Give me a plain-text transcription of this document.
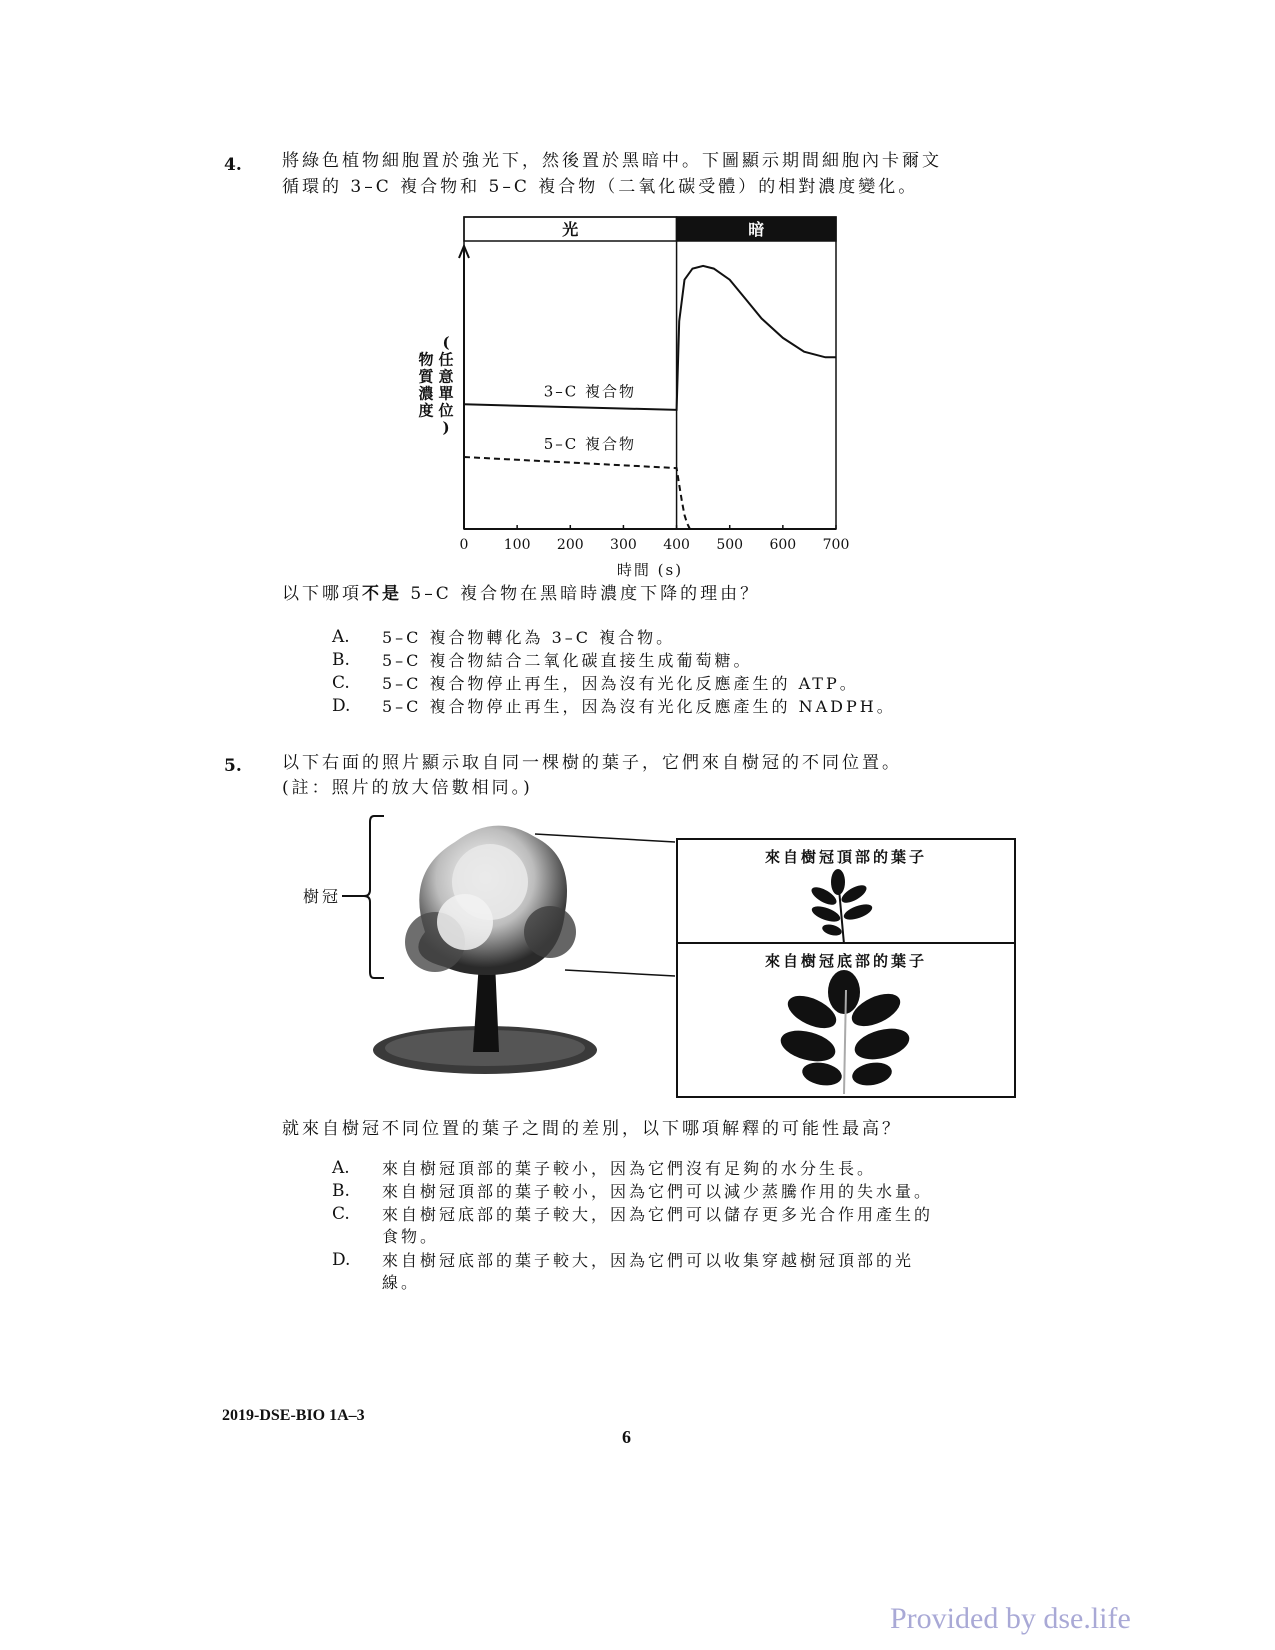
4. 將綠色植物細胞置於強光下，然後置於黑暗中。下圖顯示期間細胞內卡爾文
循環的 3–C 複合物和 5–C 複合物（二氧化碳受體）的相對濃度變化。
光	暗
0	100 200 300 400 500 600 700
時間 (s)
物質濃度
(任意單位)
3–C 複合物
5–C 複合物
以下哪項不是 5–C 複合物在黑暗時濃度下降的理由？
A. 5–C 複合物轉化為 3–C 複合物。
B. 5–C 複合物結合二氧化碳直接生成葡萄糖。
C. 5–C 複合物停止再生，因為沒有光化反應產生的 ATP。
D. 5–C 複合物停止再生，因為沒有光化反應產生的 NADPH。
5. 以下右面的照片顯示取自同一棵樹的葉子，它們來自樹冠的不同位置。
(註：照片的放大倍數相同。)
樹冠
來自樹冠頂部的葉子
來自樹冠底部的葉子
就來自樹冠不同位置的葉子之間的差別，以下哪項解釋的可能性最高？
A. 來自樹冠頂部的葉子較小，因為它們沒有足夠的水分生長。
B. 來自樹冠頂部的葉子較小，因為它們可以減少蒸騰作用的失水量。
C. 來自樹冠底部的葉子較大，因為它們可以儲存更多光合作用產生的
食物。
D. 來自樹冠底部的葉子較大，因為它們可以收集穿越樹冠頂部的光
線。
2019-DSE-BIO 1A–3
6
Provided by dse.life
